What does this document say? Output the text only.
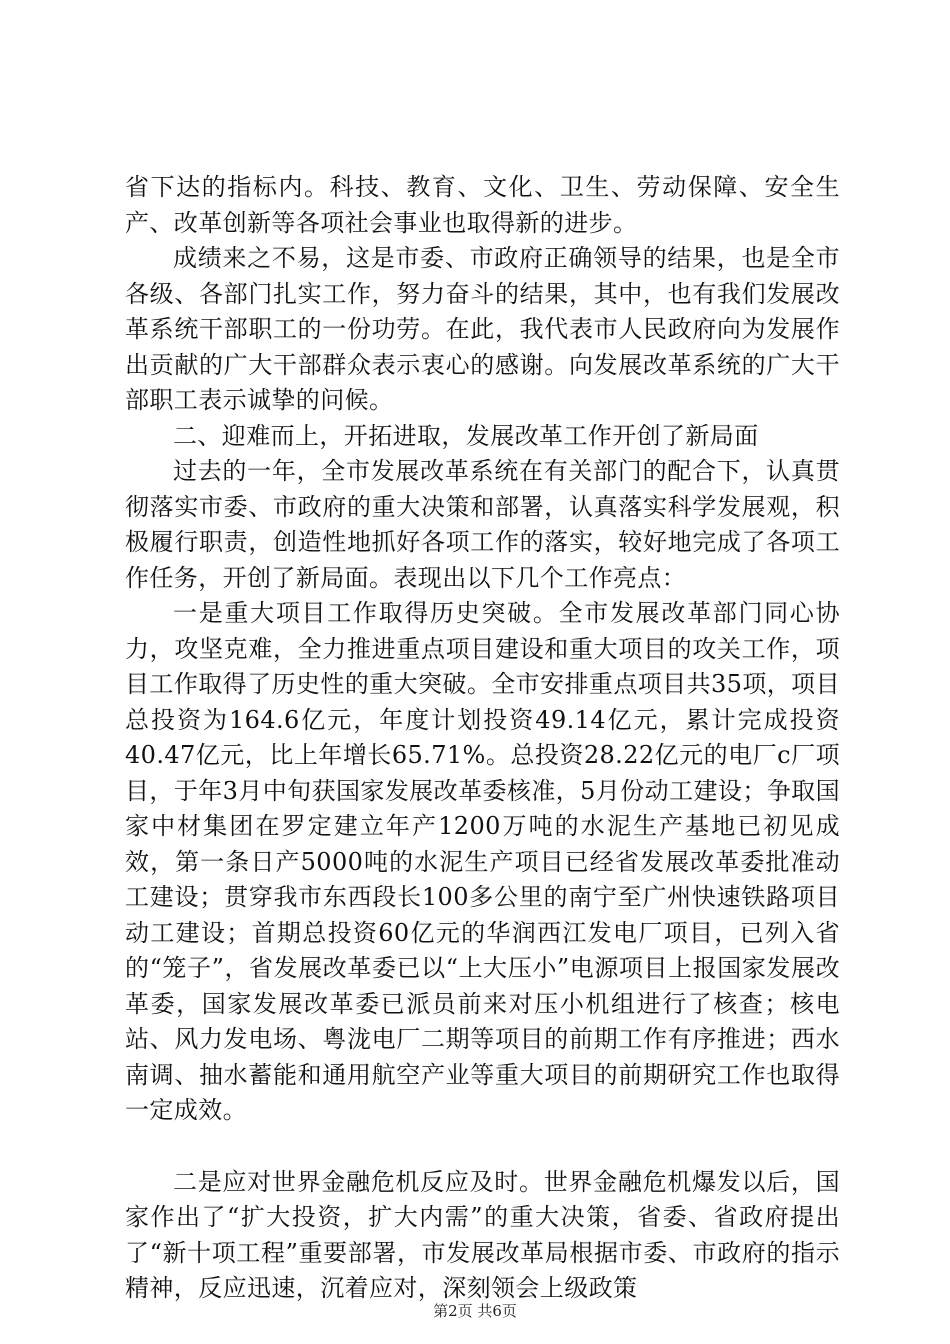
省下达的指标内。科技、教育、文化、卫生、劳动保障、安全生产、改革创新等各项社会事业也取得新的进步。

成绩来之不易，这是市委、市政府正确领导的结果，也是全市各级、各部门扎实工作，努力奋斗的结果，其中，也有我们发展改革系统干部职工的一份功劳。在此，我代表市人民政府向为发展作出贡献的广大干部群众表示衷心的感谢。向发展改革系统的广大干部职工表示诚挚的问候。

二、迎难而上，开拓进取，发展改革工作开创了新局面

过去的一年，全市发展改革系统在有关部门的配合下，认真贯彻落实市委、市政府的重大决策和部署，认真落实科学发展观，积极履行职责，创造性地抓好各项工作的落实，较好地完成了各项工作任务，开创了新局面。表现出以下几个工作亮点：

一是重大项目工作取得历史突破。全市发展改革部门同心协力，攻坚克难，全力推进重点项目建设和重大项目的攻关工作，项目工作取得了历史性的重大突破。全市安排重点项目共35项，项目总投资为164.6亿元，年度计划投资49.14亿元，累计完成投资40.47亿元，比上年增长65.71%。总投资28.22亿元的电厂c厂项目，于年3月中旬获国家发展改革委核准，5月份动工建设；争取国家中材集团在罗定建立年产1200万吨的水泥生产基地已初见成效，第一条日产5000吨的水泥生产项目已经省发展改革委批准动工建设；贯穿我市东西段长100多公里的南宁至广州快速铁路项目动工建设；首期总投资60亿元的华润西江发电厂项目，已列入省的“笼子”，省发展改革委已以“上大压小”电源项目上报国家发展改革委，国家发展改革委已派员前来对压小机组进行了核查；核电站、风力发电场、粤泷电厂二期等项目的前期工作有序推进；西水南调、抽水蓄能和通用航空产业等重大项目的前期研究工作也取得一定成效。

二是应对世界金融危机反应及时。世界金融危机爆发以后，国家作出了“扩大投资，扩大内需”的重大决策，省委、省政府提出了“新十项工程”重要部署，市发展改革局根据市委、市政府的指示精神，反应迅速，沉着应对，深刻领会上级政策

第2页 共6页
